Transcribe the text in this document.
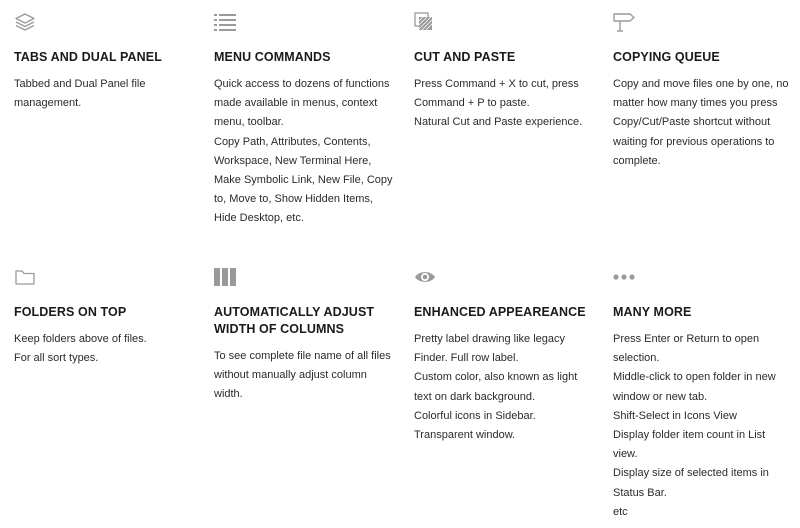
TABS AND DUAL PANEL
Tabbed and Dual Panel file
management.
MENU COMMANDS
Quick access to dozens of functions
made available in menus, context
menu, toolbar.
Copy Path, Attributes, Contents,
Workspace, New Terminal Here,
Make Symbolic Link, New File, Copy
to, Move to, Show Hidden Items,
Hide Desktop, etc.
CUT AND PASTE
Press Command + X to cut, press
Command + P to paste.
Natural Cut and Paste experience.
COPYING QUEUE
Copy and move files one by one, no
matter how many times you press
Copy/Cut/Paste shortcut without
waiting for previous operations to
complete.
FOLDERS ON TOP
Keep folders above of files.
For all sort types.
AUTOMATICALLY ADJUST
WIDTH OF COLUMNS
To see complete file name of all files
without manually adjust column
width.
ENHANCED APPEAREANCE
Pretty label drawing like legacy
Finder. Full row label.
Custom color, also known as light
text on dark background.
Colorful icons in Sidebar.
Transparent window.
MANY MORE
Press Enter or Return to open
selection.
Middle-click to open folder in new
window or new tab.
Shift-Select in Icons View
Display folder item count in List
view.
Display size of selected items in
Status Bar.
etc
